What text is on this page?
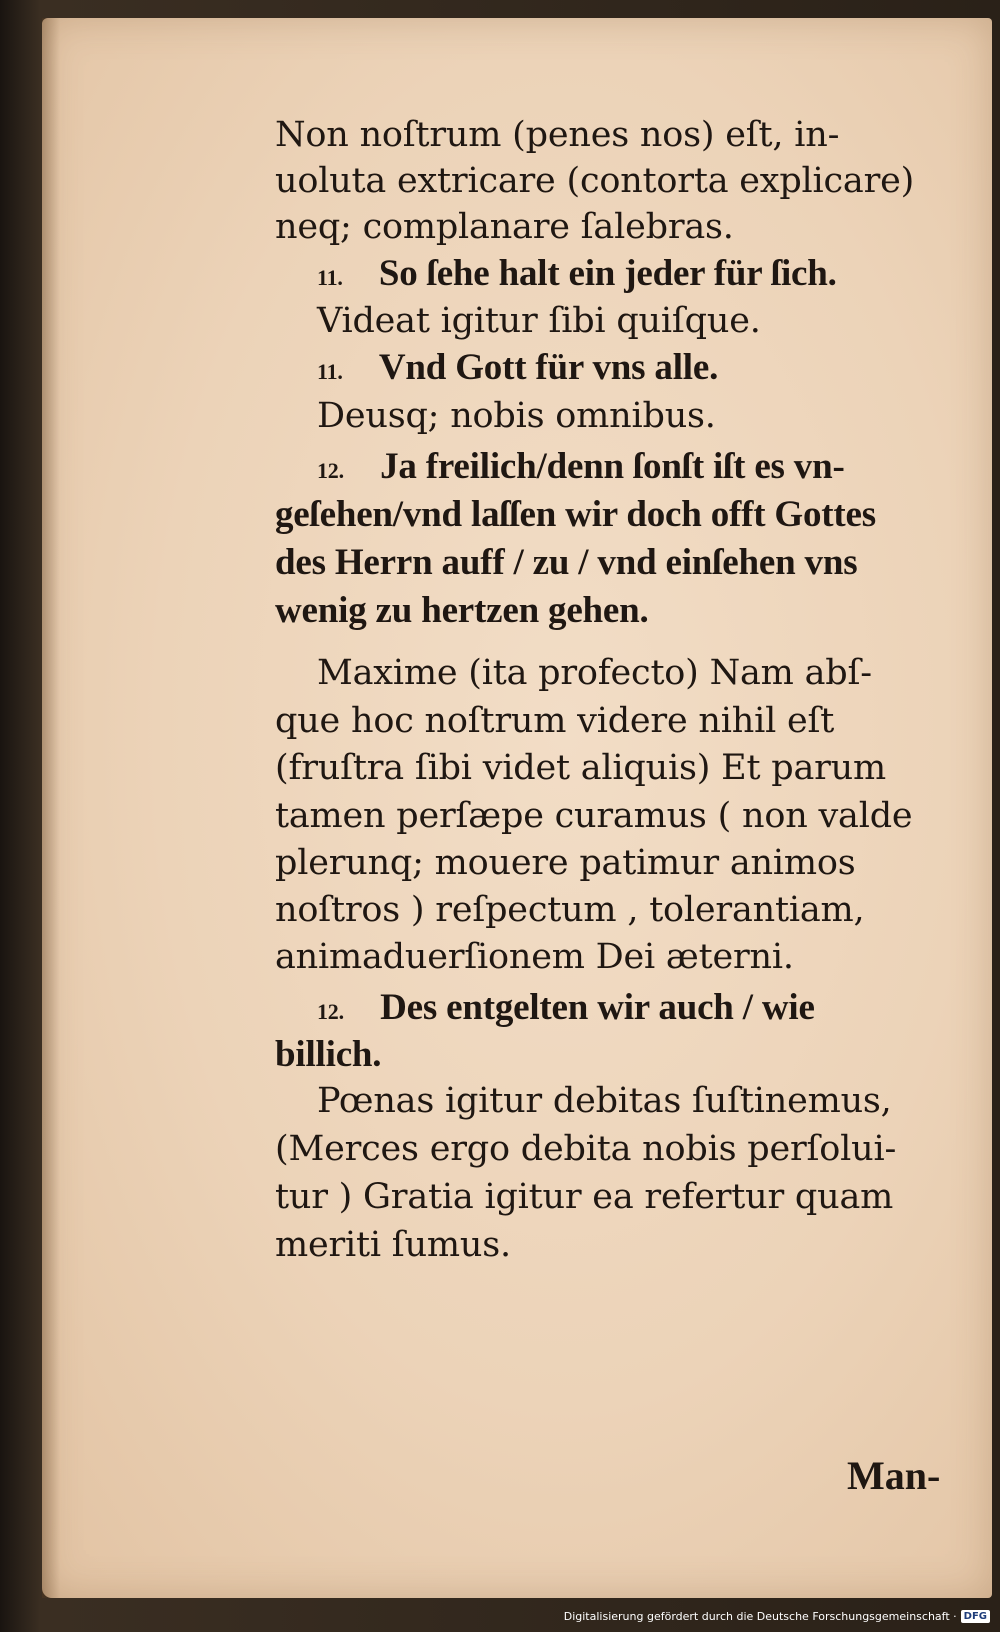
Non noſtrum (penes nos) eſt, in-
uoluta extricare (contorta explicare)
neq; complanare ſalebras.
11. So ſehe halt ein jeder für ſich.
Videat igitur ſibi quiſque.
11. Vnd Gott für vns alle.
Deusq; nobis omnibus.
12. Ja freilich/denn ſonſt iſt es vn-
geſehen/vnd laſſen wir doch offt Gottes
des Herrn auff / zu / vnd einſehen vns
wenig zu hertzen gehen.
Maxime (ita profecto) Nam abſ-
que hoc noſtrum videre nihil eſt
(fruſtra ſibi videt aliquis) Et parum
tamen perſæpe curamus ( non valde
plerunq; mouere patimur animos
noſtros ) reſpectum , tolerantiam,
animaduerſionem Dei æterni.
12. Des entgelten wir auch / wie
billich.
Pœnas igitur debitas ſuſtinemus,
(Merces ergo debita nobis perſolui-
tur ) Gratia igitur ea refertur quam
meriti ſumus.
Man-
Digitalisierung gefördert durch die Deutsche Forschungsgemeinschaft · DFG
